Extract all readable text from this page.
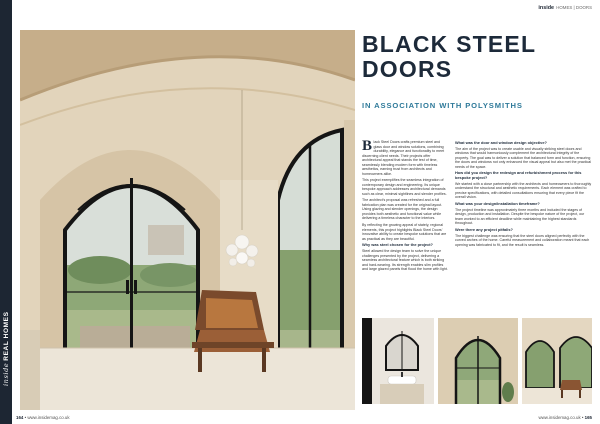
insideREAL HOMES
inside HOMES | DOORS
BLACK STEEL
DOORS
IN ASSOCIATION WITH POLYSMITHS

Black Steel Doors crafts premium steel and glass door and window solutions, combining durability, elegance and functionality to meet discerning client needs. Their projects offer architectural appeal that stands the test of time, seamlessly blending modern form with timeless aesthetics, earning trust from architects and homeowners alike.

This project exemplifies the seamless integration of contemporary design and engineering. Its unique bespoke approach addresses architectural demands such as clear, minimal sightlines and slender profiles.

The architect's proposal was refreshed and a full fabrication plan was created for the original layout. Using glazing and slender openings, the design provides both aesthetic and functional value while delivering a timeless character to the interiors.

By reflecting the growing appeal of stately, regional elements, this project highlights Black Steel Doors' innovative ability to create bespoke solutions that are as practical as they are beautiful.

Why was steel chosen for the project?

Steel allowed the design team to solve the unique challenges presented by the project, delivering a seamless architectural feature which is both striking and hard-wearing. Its strength enables slim profiles and large glazed panels that flood the home with light.

What was the door and window design objective?

The aim of the project was to create usable and visually striking steel doors and windows that would harmoniously complement the architectural integrity of the property. The goal was to deliver a solution that balanced form and function, ensuring the doors and windows not only enhanced the visual appeal but also met the practical needs of the space.

How did you design the redesign and refurbishment process for this bespoke project?

We started with a close partnership with the architects and homeowners to thoroughly understand the structural and aesthetic requirements. Each element was crafted to precise specifications, with detailed consultations ensuring that every piece fit the overall vision.

What was your design/installation timeframe?

The project timeline was approximately three months and included the stages of design, production and installation. Despite the bespoke nature of the project, our team worked to an efficient deadline while maintaining the highest standards throughout.

Were there any project pitfalls?

The biggest challenge was ensuring that the steel doors aligned perfectly with the curved arches of the home. Careful measurement and collaboration meant that each opening was fabricated to fit, and the result is seamless.

164 • www.insidemag.co.uk	www.insidemag.co.uk • 165
